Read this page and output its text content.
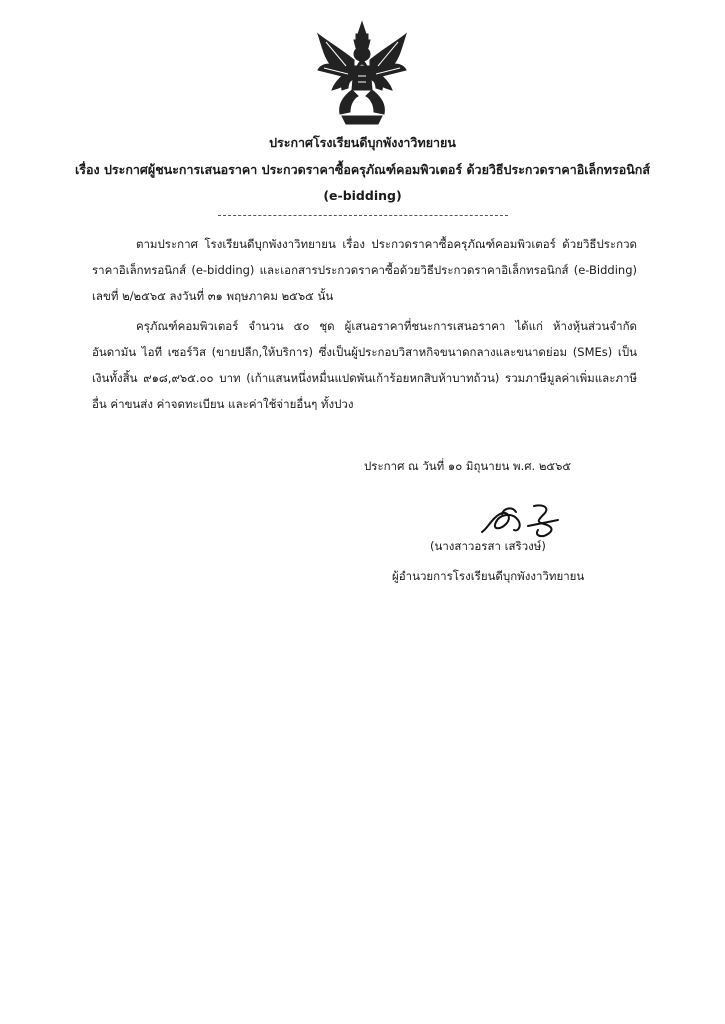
ประกาศโรงเรียนดีบุกพังงาวิทยายน
เรื่อง ประกาศผู้ชนะการเสนอราคา ประกวดราคาซื้อครุภัณฑ์คอมพิวเตอร์ ด้วยวิธีประกวดราคาอิเล็กทรอนิกส์
(e-bidding)
ตามประกาศ โรงเรียนดีบุกพังงาวิทยายน เรื่อง ประกวดราคาซื้อครุภัณฑ์คอมพิวเตอร์ ด้วยวิธีประกวดราคาอิเล็กทรอนิกส์ (e-bidding) และเอกสารประกวดราคาซื้อด้วยวิธีประกวดราคาอิเล็กทรอนิกส์ (e-Bidding) เลขที่ ๒/๒๕๖๕ ลงวันที่ ๓๑ พฤษภาคม ๒๕๖๕ นั้น
ครุภัณฑ์คอมพิวเตอร์ จำนวน ๕๐ ชุด ผู้เสนอราคาที่ชนะการเสนอราคา ได้แก่ ห้างหุ้นส่วนจำกัด อันดามัน ไอที เซอร์วิส (ขายปลีก,ให้บริการ) ซึ่งเป็นผู้ประกอบวิสาหกิจขนาดกลางและขนาดย่อม (SMEs) เป็นเงินทั้งสิ้น ๙๑๘,๙๖๕.๐๐ บาท (เก้าแสนหนึ่งหมื่นแปดพันเก้าร้อยหกสิบห้าบาทถ้วน) รวมภาษีมูลค่าเพิ่มและภาษีอื่น ค่าขนส่ง ค่าจดทะเบียน และค่าใช้จ่ายอื่นๆ ทั้งปวง
ประกาศ ณ วันที่ ๑๐ มิถุนายน พ.ศ. ๒๕๖๕
(นางสาวอรสา เสริวงษ์)
ผู้อำนวยการโรงเรียนดีบุกพังงาวิทยายน
